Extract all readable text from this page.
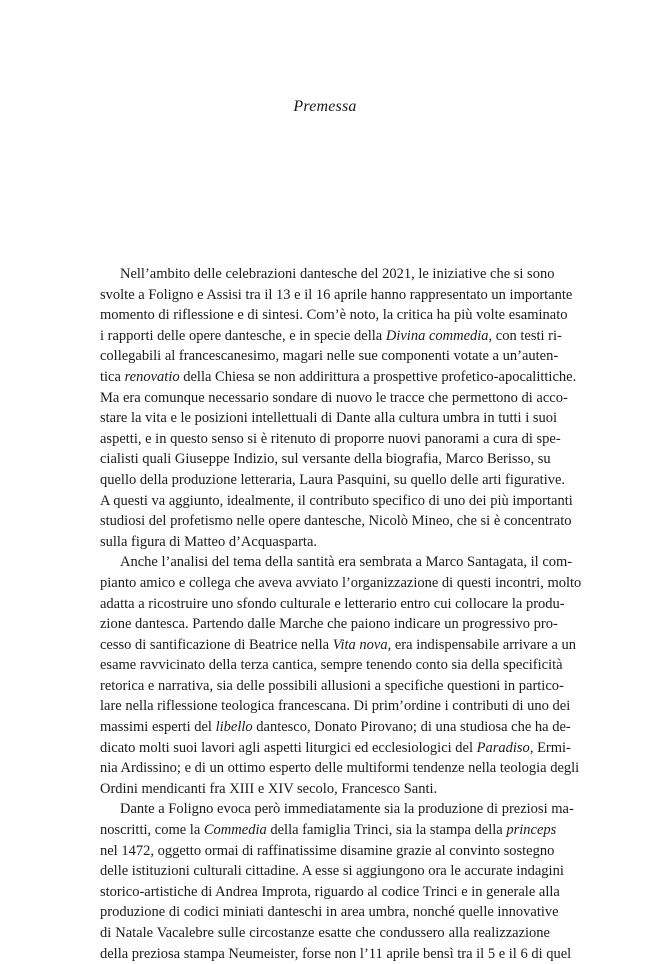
Premessa
Nell’ambito delle celebrazioni dantesche del 2021, le iniziative che si sono
svolte a Foligno e Assisi tra il 13 e il 16 aprile hanno rappresentato un importante
momento di riflessione e di sintesi. Com’è noto, la critica ha più volte esaminato
i rapporti delle opere dantesche, e in specie della Divina commedia, con testi ri-
collegabili al francescanesimo, magari nelle sue componenti votate a un’auten-
tica renovatio della Chiesa se non addirittura a prospettive profetico-apocalittiche.
Ma era comunque necessario sondare di nuovo le tracce che permettono di acco-
stare la vita e le posizioni intellettuali di Dante alla cultura umbra in tutti i suoi
aspetti, e in questo senso si è ritenuto di proporre nuovi panorami a cura di spe-
cialisti quali Giuseppe Indizio, sul versante della biografia, Marco Berisso, su
quello della produzione letteraria, Laura Pasquini, su quello delle arti figurative.
A questi va aggiunto, idealmente, il contributo specifico di uno dei più importanti
studiosi del profetismo nelle opere dantesche, Nicolò Mineo, che si è concentrato
sulla figura di Matteo d’Acquasparta.
Anche l’analisi del tema della santità era sembrata a Marco Santagata, il com-
pianto amico e collega che aveva avviato l’organizzazione di questi incontri, molto
adatta a ricostruire uno sfondo culturale e letterario entro cui collocare la produ-
zione dantesca. Partendo dalle Marche che paiono indicare un progressivo pro-
cesso di santificazione di Beatrice nella Vita nova, era indispensabile arrivare a un
esame ravvicinato della terza cantica, sempre tenendo conto sia della specificità
retorica e narrativa, sia delle possibili allusioni a specifiche questioni in partico-
lare nella riflessione teologica francescana. Di prim’ordine i contributi di uno dei
massimi esperti del libello dantesco, Donato Pirovano; di una studiosa che ha de-
dicato molti suoi lavori agli aspetti liturgici ed ecclesiologici del Paradiso, Ermi-
nia Ardissino; e di un ottimo esperto delle multiformi tendenze nella teologia degli
Ordini mendicanti fra XIII e XIV secolo, Francesco Santi.
Dante a Foligno evoca però immediatamente sia la produzione di preziosi ma-
noscritti, come la Commedia della famiglia Trinci, sia la stampa della princeps
nel 1472, oggetto ormai di raffinatissime disamine grazie al convinto sostegno
delle istituzioni culturali cittadine. A esse si aggiungono ora le accurate indagini
storico-artistiche di Andrea Improta, riguardo al codice Trinci e in generale alla
produzione di codici miniati danteschi in area umbra, nonché quelle innovative
di Natale Vacalebre sulle circostanze esatte che condussero alla realizzazione
della preziosa stampa Neumeister, forse non l’11 aprile bensì tra il 5 e il 6 di quel
